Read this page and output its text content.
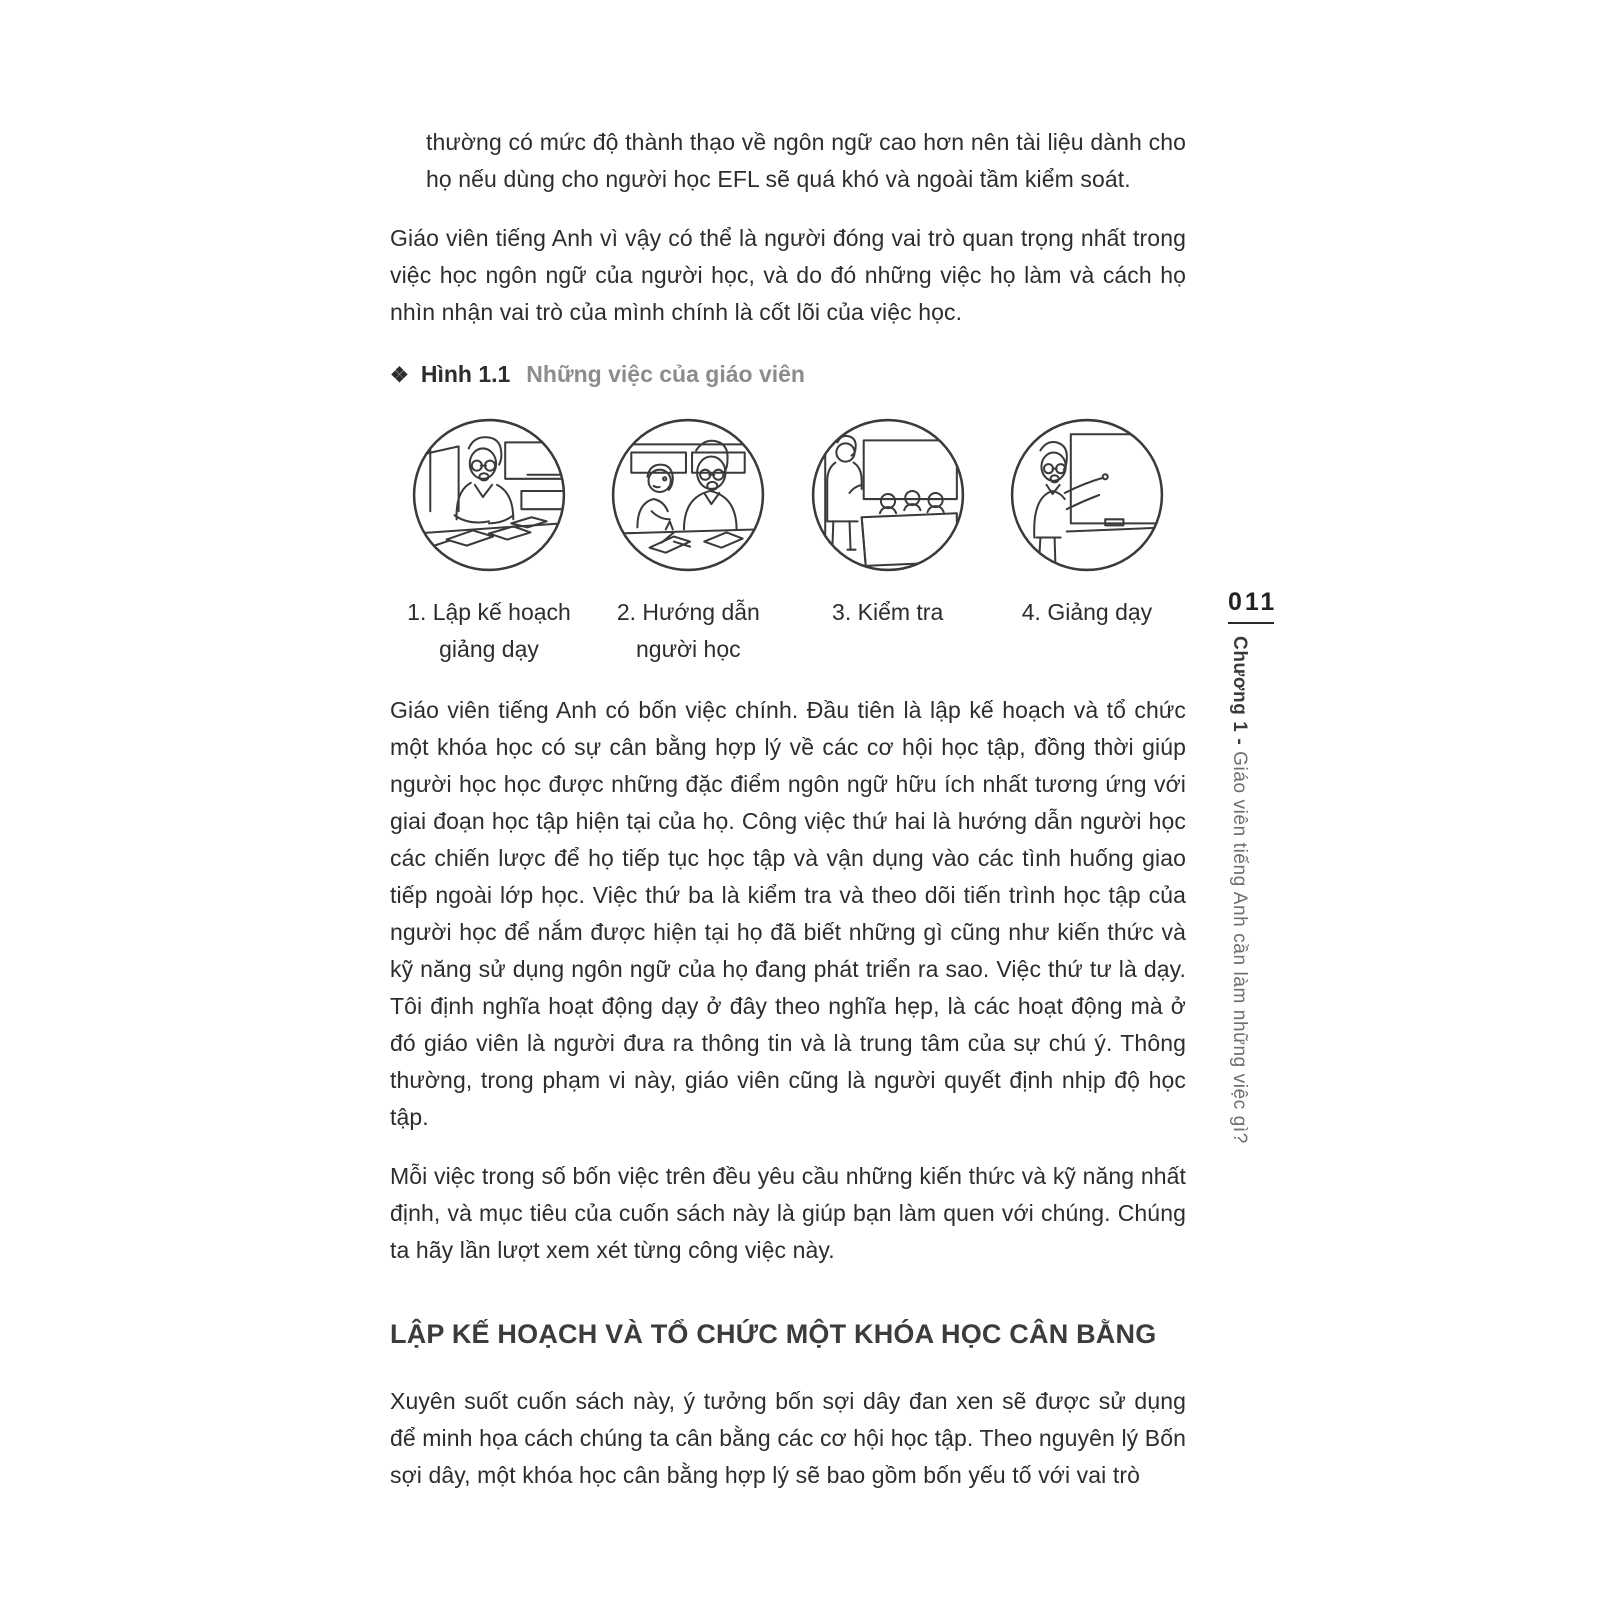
thường có mức độ thành thạo về ngôn ngữ cao hơn nên tài liệu dành cho họ nếu dùng cho người học EFL sẽ quá khó và ngoài tầm kiểm soát.

Giáo viên tiếng Anh vì vậy có thể là người đóng vai trò quan trọng nhất trong việc học ngôn ngữ của người học, và do đó những việc họ làm và cách họ nhìn nhận vai trò của mình chính là cốt lõi của việc học.

❖ Hình 1.1 Những việc của giáo viên
1. Lập kế hoạch
giảng dạy
2. Hướng dẫn
người học
3. Kiểm tra	4. Giảng dạy

Giáo viên tiếng Anh có bốn việc chính. Đầu tiên là lập kế hoạch và tổ chức một khóa học có sự cân bằng hợp lý về các cơ hội học tập, đồng thời giúp người học học được những đặc điểm ngôn ngữ hữu ích nhất tương ứng với giai đoạn học tập hiện tại của họ. Công việc thứ hai là hướng dẫn người học các chiến lược để họ tiếp tục học tập và vận dụng vào các tình huống giao tiếp ngoài lớp học. Việc thứ ba là kiểm tra và theo dõi tiến trình học tập của người học để nắm được hiện tại họ đã biết những gì cũng như kiến thức và kỹ năng sử dụng ngôn ngữ của họ đang phát triển ra sao. Việc thứ tư là dạy. Tôi định nghĩa hoạt động dạy ở đây theo nghĩa hẹp, là các hoạt động mà ở đó giáo viên là người đưa ra thông tin và là trung tâm của sự chú ý. Thông thường, trong phạm vi này, giáo viên cũng là người quyết định nhịp độ học tập.

Mỗi việc trong số bốn việc trên đều yêu cầu những kiến thức và kỹ năng nhất định, và mục tiêu của cuốn sách này là giúp bạn làm quen với chúng. Chúng ta hãy lần lượt xem xét từng công việc này.

LẬP KẾ HOẠCH VÀ TỔ CHỨC MỘT KHÓA HỌC CÂN BẰNG

Xuyên suốt cuốn sách này, ý tưởng bốn sợi dây đan xen sẽ được sử dụng để minh họa cách chúng ta cân bằng các cơ hội học tập. Theo nguyên lý Bốn sợi dây, một khóa học cân bằng hợp lý sẽ bao gồm bốn yếu tố với vai trò

011
Chương 1 - Giáo viên tiếng Anh cần làm những việc gì?
